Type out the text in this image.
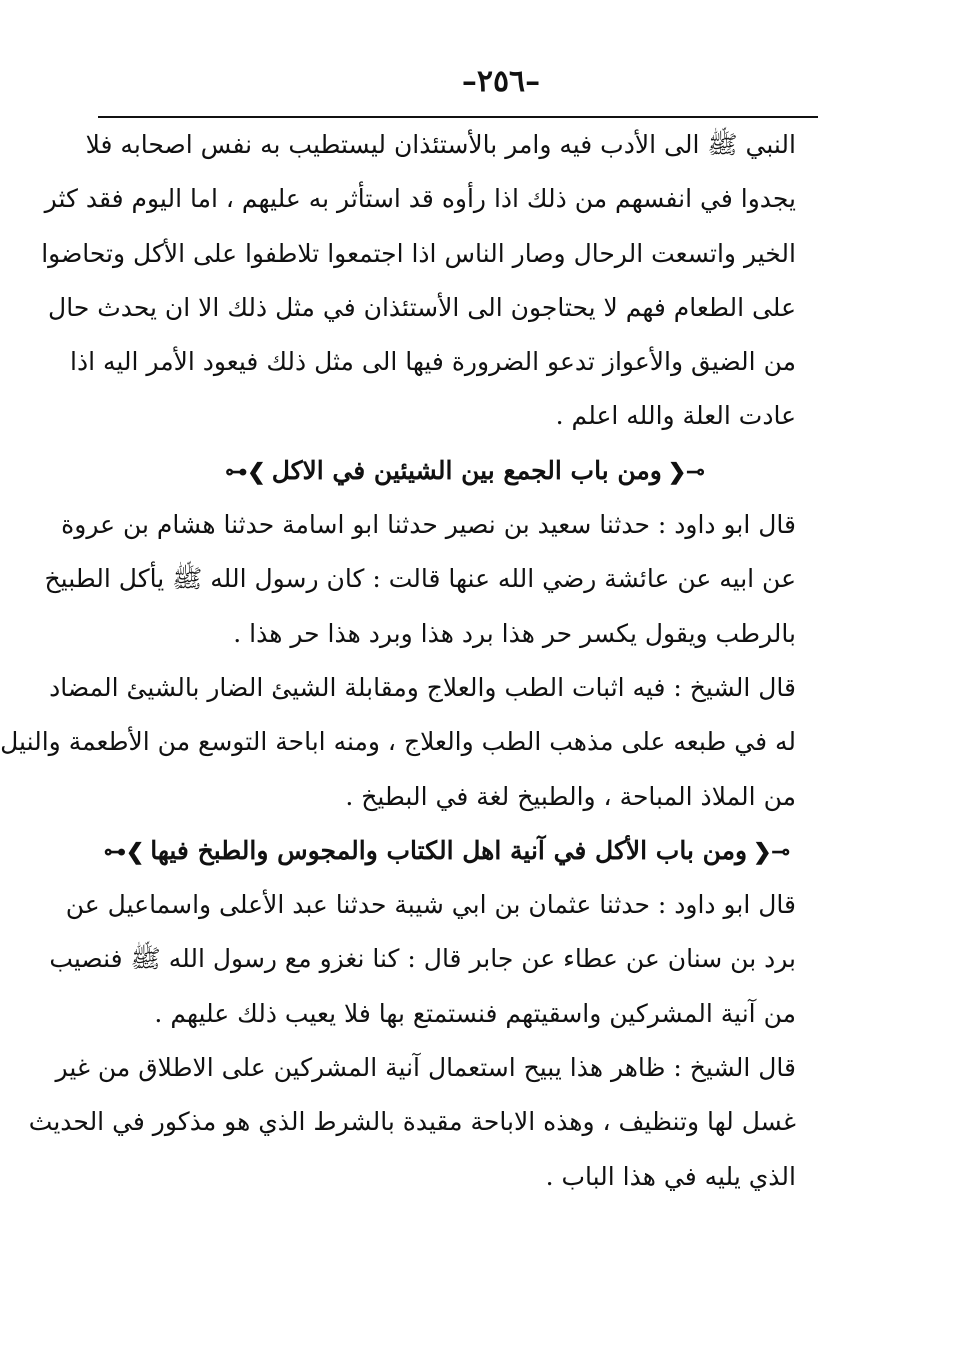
–٢٥٦–
النبي ﷺ الى الأدب فيه وامر بالأستئذان ليستطيب به نفس اصحابه فلا
يجدوا في انفسهم من ذلك اذا رأوه قد استأثر به عليهم ، اما اليوم فقد كثر
الخير واتسعت الرحال وصار الناس اذا اجتمعوا تلاطفوا على الأكل وتحاضوا
على الطعام فهم لا يحتاجون الى الأستئذان في مثل ذلك الا ان يحدث حال
من الضيق والأعواز تدعو الضرورة فيها الى مثل ذلك فيعود الأمر اليه اذا
عادت العلة والله اعلم .
⊸❮ومن باب الجمع بين الشيئين في الاكل❯⊷
قال ابو داود : حدثنا سعيد بن نصير حدثنا ابو اسامة حدثنا هشام بن عروة
عن ابيه عن عائشة رضي الله عنها قالت : كان رسول الله ﷺ يأكل الطبيخ
بالرطب ويقول يكسر حر هذا برد هذا وبرد هذا حر هذا .
قال الشيخ : فيه اثبات الطب والعلاج ومقابلة الشيئ الضار بالشيئ المضاد
له في طبعه على مذهب الطب والعلاج ، ومنه اباحة التوسع من الأطعمة والنيل
من الملاذ المباحة ، والطبيخ لغة في البطيخ .
⊸❮ومن باب الأكل في آنية اهل الكتاب والمجوس والطبخ فيها❯⊷
قال ابو داود : حدثنا عثمان بن ابي شيبة حدثنا عبد الأعلى واسماعيل عن
برد بن سنان عن عطاء عن جابر قال : كنا نغزو مع رسول الله ﷺ فنصيب
من آنية المشركين واسقيتهم فنستمتع بها فلا يعيب ذلك عليهم .
قال الشيخ : ظاهر هذا يبيح استعمال آنية المشركين على الاطلاق من غير
غسل لها وتنظيف ، وهذه الاباحة مقيدة بالشرط الذي هو مذكور في الحديث
الذي يليه في هذا الباب .
